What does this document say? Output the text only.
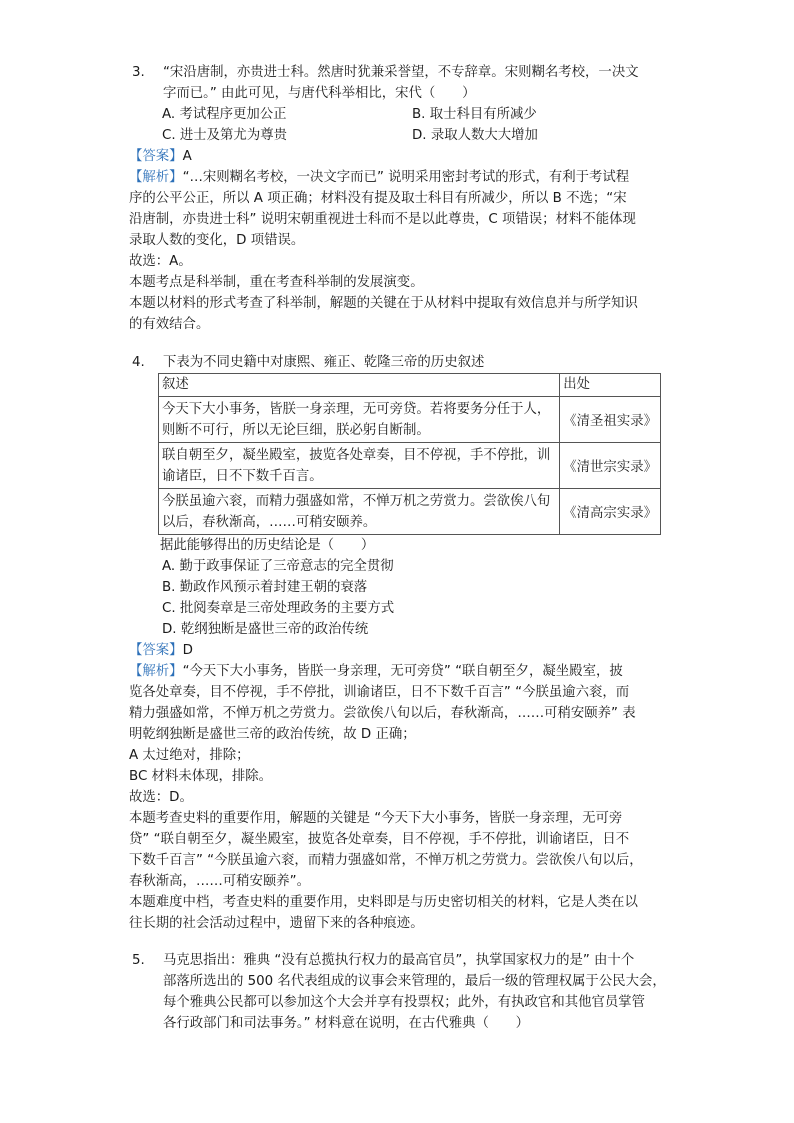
3. “宋沿唐制，亦贵进士科。然唐时犹兼采誉望，不专辞章。宋则糊名考校，一决文
字而已。” 由此可见，与唐代科举相比，宋代（　　）
A. 考试程序更加公正	B. 取士科目有所减少
C. 进士及第尤为尊贵	D. 录取人数大大增加
【答案】A
【解析】“…宋则糊名考校，一决文字而已” 说明采用密封考试的形式，有利于考试程
序的公平公正，所以 A 项正确；材料没有提及取士科目有所减少，所以 B 不选；“宋
沿唐制，亦贵进士科” 说明宋朝重视进士科而不是以此尊贵，C 项错误；材料不能体现
录取人数的变化，D 项错误。
故选：A。
本题考点是科举制，重在考查科举制的发展演变。
本题以材料的形式考查了科举制，解题的关键在于从材料中提取有效信息并与所学知识
的有效结合。
4. 下表为不同史籍中对康熙、雍正、乾隆三帝的历史叙述
叙述	出处

今天下大小事务，皆朕一身亲理，无可旁贷。若将要务分任于人，
则断不可行，所以无论巨细，朕必躬自断制。	《清圣祖实录》

联自朝至夕，凝坐殿室，披览各处章奏，目不停视，手不停批，训
谕诸臣，日不下数千百言。	《清世宗实录》

今朕虽逾六衮，而精力强盛如常，不惮万机之劳赏力。尝欲俟八旬
以后，春秋渐高，……可稍安颐养。	《清高宗实录》
据此能够得出的历史结论是（　　）
A. 勤于政事保证了三帝意志的完全贯彻
B. 勤政作风预示着封建王朝的衰落
C. 批阅奏章是三帝处理政务的主要方式
D. 乾纲独断是盛世三帝的政治传统
【答案】D
【解析】“今天下大小事务，皆朕一身亲理，无可旁贷” “联自朝至夕，凝坐殿室，披
览各处章奏，目不停视，手不停批，训谕诸臣，日不下数千百言” “今朕虽逾六衮，而
精力强盛如常，不惮万机之劳赏力。尝欲俟八旬以后，春秋渐高，……可稍安颐养” 表
明乾纲独断是盛世三帝的政治传统，故 D 正确；
A 太过绝对，排除；
BC 材料未体现，排除。
故选：D。
本题考查史料的重要作用，解题的关键是 “今天下大小事务，皆朕一身亲理，无可旁
贷” “联自朝至夕，凝坐殿室，披览各处章奏，目不停视，手不停批，训谕诸臣，日不
下数千百言” “今朕虽逾六衮，而精力强盛如常，不惮万机之劳赏力。尝欲俟八旬以后，
春秋渐高，……可稍安颐养”。
本题难度中档，考查史料的重要作用，史料即是与历史密切相关的材料，它是人类在以
往长期的社会活动过程中，遗留下来的各种痕迹。
5. 马克思指出：雅典 “没有总揽执行权力的最高官员”，执掌国家权力的是” 由十个
部落所选出的 500 名代表组成的议事会来管理的，最后一级的管理权属于公民大会，
每个雅典公民都可以参加这个大会并享有投票权；此外，有执政官和其他官员掌管
各行政部门和司法事务。” 材料意在说明，在古代雅典（　　）
